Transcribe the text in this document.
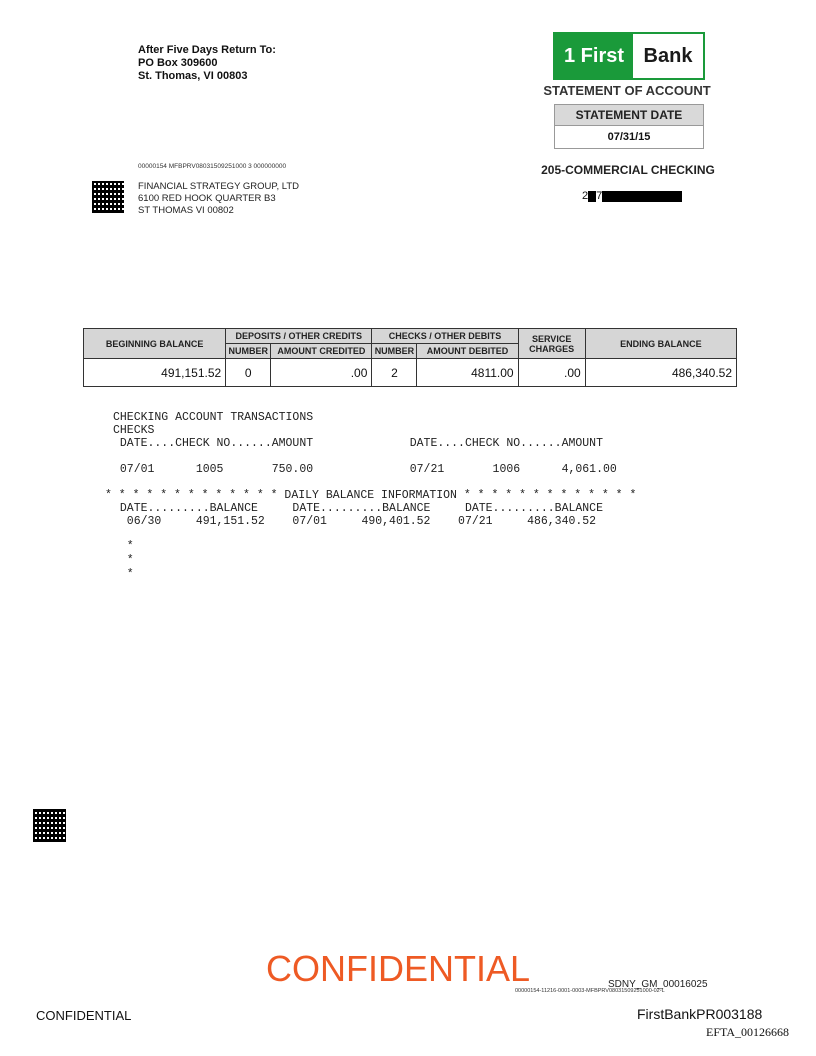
After Five Days Return To:
PO Box 309600
St. Thomas, VI 00803
1 First Bank
STATEMENT OF ACCOUNT
STATEMENT DATE
07/31/15
205-COMMERCIAL CHECKING
2 7
00000154 MFBPRV08031509251000 3 000000000
FINANCIAL STRATEGY GROUP, LTD
6100 RED HOOK QUARTER B3
ST THOMAS VI 00802
BEGINNING BALANCE	DEPOSITS / OTHER CREDITS		CHECKS / OTHER DEBITS		SERVICE CHARGES	ENDING BALANCE
	NUMBER	AMOUNT CREDITED	NUMBER	AMOUNT DEBITED		
491,151.52	0	.00	2	4811.00	.00	486,340.52
CHECKING ACCOUNT TRANSACTIONS
CHECKS
DATE....CHECK NO......AMOUNT              DATE....CHECK NO......AMOUNT
07/01      1005       750.00              07/21       1006      4,061.00
* * * * * * * * * * * * * DAILY BALANCE INFORMATION * * * * * * * * * * * * *
DATE.........BALANCE     DATE.........BALANCE     DATE.........BALANCE
06/30     491,151.52    07/01     490,401.52    07/21     486,340.52
*
*
*
CONFIDENTIAL	SDNY_GM_00016025
00000154-11216-0001-0003-MFBPRV08031509251000-02-L
CONFIDENTIAL	FirstBankPR003188
EFTA_00126668
